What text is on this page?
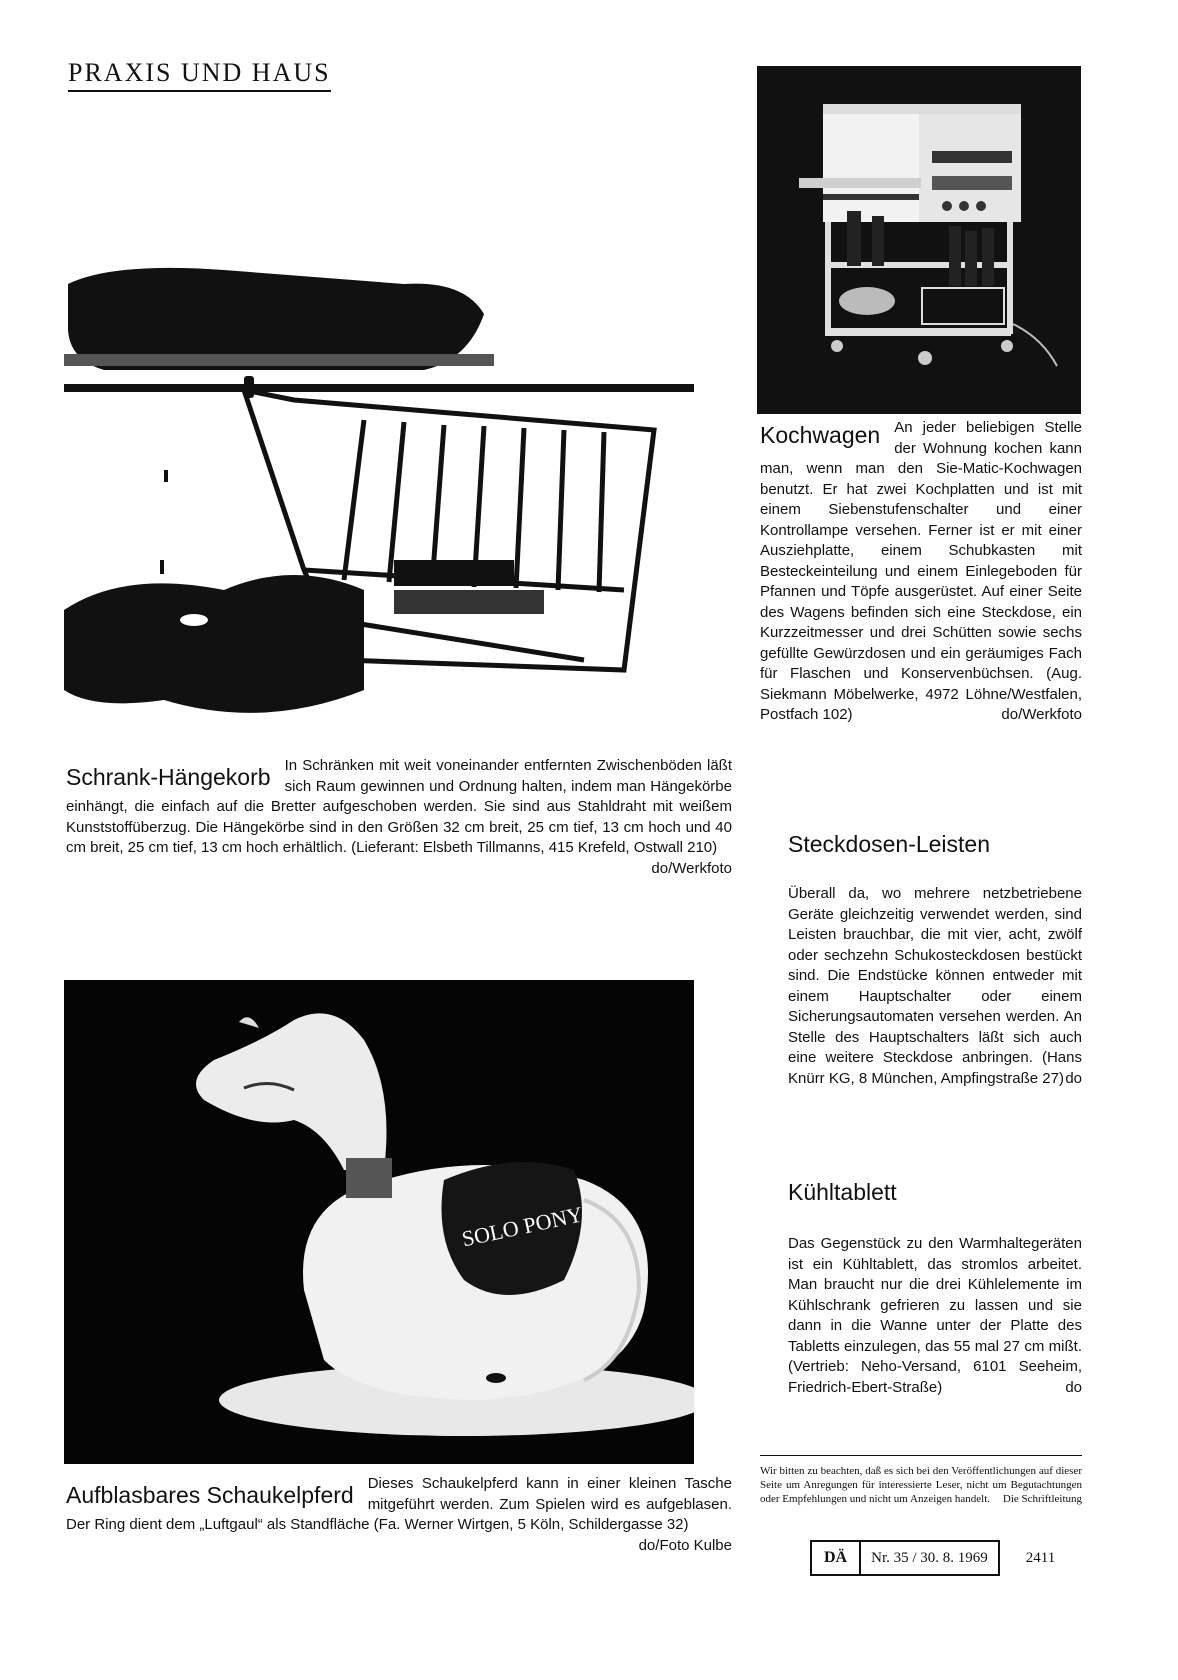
PRAXIS UND HAUS
Kochwagen An jeder beliebigen Stelle der Wohnung kochen kann man, wenn man den Sie-Matic-Kochwagen benutzt. Er hat zwei Kochplatten und ist mit einem Siebenstufenschalter und einer Kontrollampe versehen. Ferner ist er mit einer Ausziehplatte, einem Schubkasten mit Besteckeinteilung und einem Einlegeboden für Pfannen und Töpfe ausgerüstet. Auf einer Seite des Wagens befinden sich eine Steckdose, ein Kurzzeitmesser und drei Schütten sowie sechs gefüllte Gewürzdosen und ein geräumiges Fach für Flaschen und Konservenbüchsen. (Aug. Siekmann Möbelwerke, 4972 Löhne/Westfalen, Postfach 102)	do/Werkfoto
Schrank-Hängekorb In Schränken mit weit voneinander entfernten Zwischenböden läßt sich Raum gewinnen und Ordnung halten, indem man Hängekörbe einhängt, die einfach auf die Bretter aufgeschoben werden. Sie sind aus Stahldraht mit weißem Kunststoffüberzug. Die Hängekörbe sind in den Größen 32 cm breit, 25 cm tief, 13 cm hoch und 40 cm breit, 25 cm tief, 13 cm hoch erhältlich. (Lieferant: Elsbeth Tillmanns, 415 Krefeld, Ostwall 210)
do/Werkfoto
Steckdosen-Leisten
Überall da, wo mehrere netzbetriebene Geräte gleichzeitig verwendet werden, sind Leisten brauchbar, die mit vier, acht, zwölf oder sechzehn Schukosteckdosen bestückt sind. Die Endstücke können entweder mit einem Hauptschalter oder einem Sicherungsautomaten versehen werden. An Stelle des Hauptschalters läßt sich auch eine weitere Steckdose anbringen. (Hans Knürr KG, 8 München, Ampfingstraße 27) do
SOLO PONY
Aufblasbares Schaukelpferd Dieses Schaukelpferd kann in einer kleinen Tasche mitgeführt werden. Zum Spielen wird es aufgeblasen. Der Ring dient dem „Luftgaul“ als Standfläche (Fa. Werner Wirtgen, 5 Köln, Schildergasse 32)
do/Foto Kulbe
Kühltablett
Das Gegenstück zu den Warmhaltegeräten ist ein Kühltablett, das stromlos arbeitet. Man braucht nur die drei Kühlelemente im Kühlschrank gefrieren zu lassen und sie dann in die Wanne unter der Platte des Tabletts einzulegen, das 55 mal 27 cm mißt. (Vertrieb: Neho-Versand, 6101 Seeheim, Friedrich-Ebert-Straße)	do
Wir bitten zu beachten, daß es sich bei den Veröffentlichungen auf dieser Seite um Anregungen für interessierte Leser, nicht um Begutachtungen oder Empfehlungen und nicht um Anzeigen handelt. Die Schriftleitung
DÄ	Nr. 35 / 30. 8. 1969	2411
